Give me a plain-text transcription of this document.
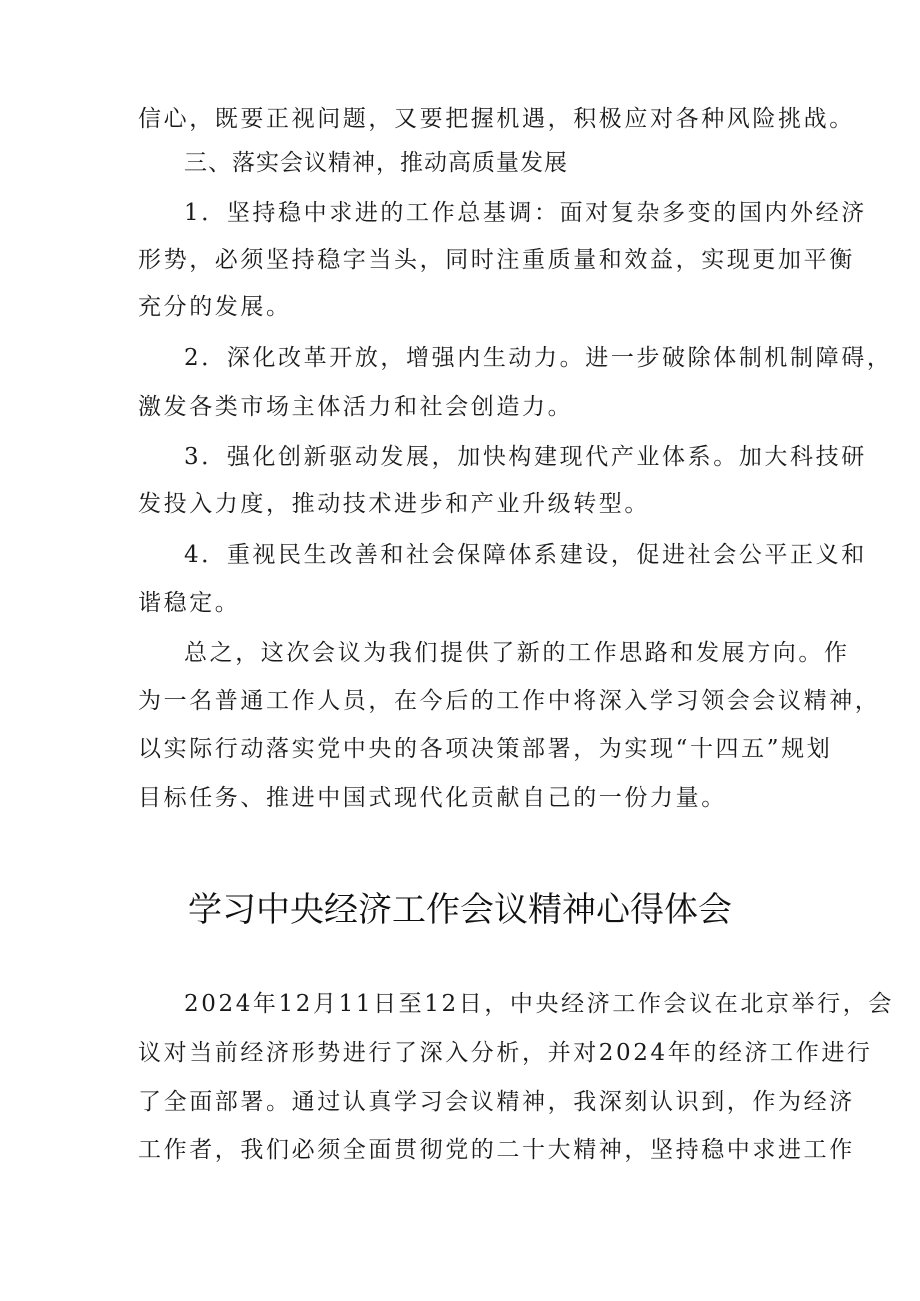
信心，既要正视问题，又要把握机遇，积极应对各种风险挑战。
三、落实会议精神，推动高质量发展
1．坚持稳中求进的工作总基调：面对复杂多变的国内外经济
形势，必须坚持稳字当头，同时注重质量和效益，实现更加平衡
充分的发展。
2．深化改革开放，增强内生动力。进一步破除体制机制障碍，
激发各类市场主体活力和社会创造力。
3．强化创新驱动发展，加快构建现代产业体系。加大科技研
发投入力度，推动技术进步和产业升级转型。
4．重视民生改善和社会保障体系建设，促进社会公平正义和
谐稳定。
总之，这次会议为我们提供了新的工作思路和发展方向。作
为一名普通工作人员，在今后的工作中将深入学习领会会议精神，
以实际行动落实党中央的各项决策部署，为实现“十四五”规划
目标任务、推进中国式现代化贡献自己的一份力量。
学习中央经济工作会议精神心得体会
2024年12月11日至12日，中央经济工作会议在北京举行，会
议对当前经济形势进行了深入分析，并对2024年的经济工作进行
了全面部署。通过认真学习会议精神，我深刻认识到，作为经济
工作者，我们必须全面贯彻党的二十大精神，坚持稳中求进工作
